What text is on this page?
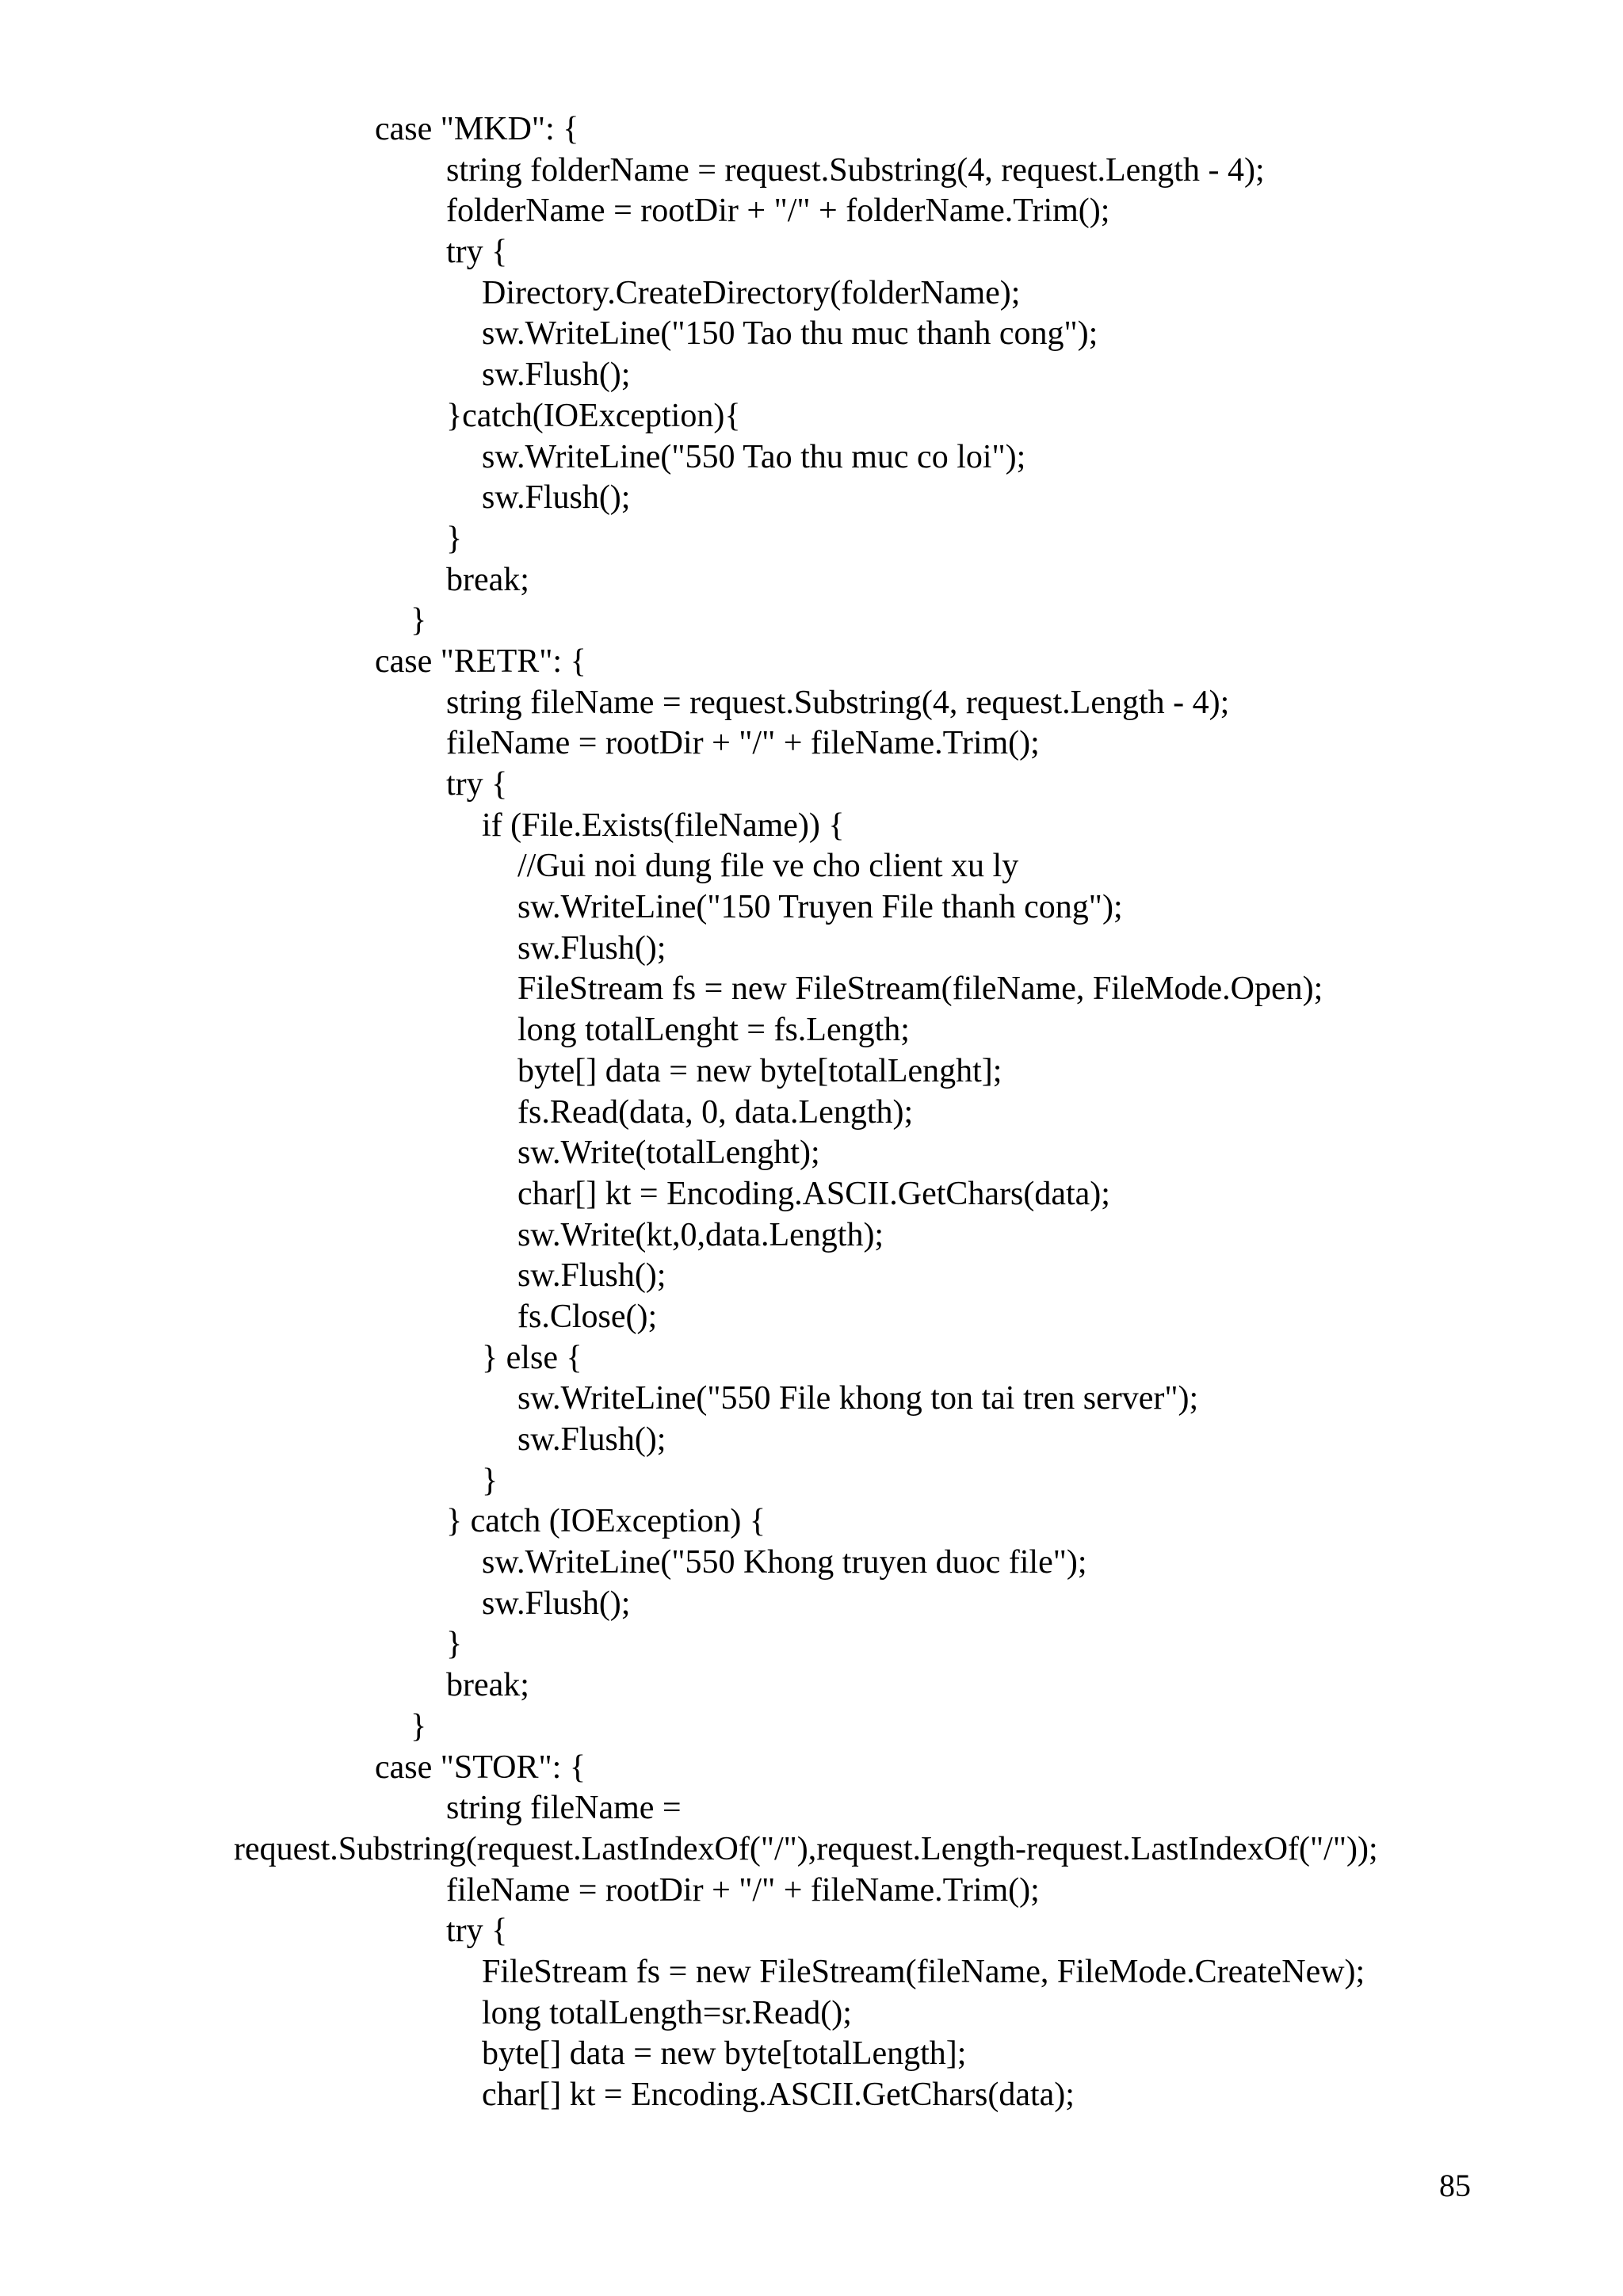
case "MKD": {
string folderName = request.Substring(4, request.Length - 4);
folderName = rootDir + "/" + folderName.Trim();
try {
Directory.CreateDirectory(folderName);
sw.WriteLine("150 Tao thu muc thanh cong");
sw.Flush();
}catch(IOException){
sw.WriteLine("550 Tao thu muc co loi");
sw.Flush();
}
break;
}
case "RETR": {
string fileName = request.Substring(4, request.Length - 4);
fileName = rootDir + "/" + fileName.Trim();
try {
if (File.Exists(fileName)) {
//Gui noi dung file ve cho client xu ly
sw.WriteLine("150 Truyen File thanh cong");
sw.Flush();
FileStream fs = new FileStream(fileName, FileMode.Open);
long totalLenght = fs.Length;
byte[] data = new byte[totalLenght];
fs.Read(data, 0, data.Length);
sw.Write(totalLenght);
char[] kt = Encoding.ASCII.GetChars(data);
sw.Write(kt,0,data.Length);
sw.Flush();
fs.Close();
} else {
sw.WriteLine("550 File khong ton tai tren server");
sw.Flush();
}
} catch (IOException) {
sw.WriteLine("550 Khong truyen duoc file");
sw.Flush();
}
break;
}
case "STOR": {
string fileName =
request.Substring(request.LastIndexOf("/"),request.Length-request.LastIndexOf("/"));
fileName = rootDir + "/" + fileName.Trim();
try {
FileStream fs = new FileStream(fileName, FileMode.CreateNew);
long totalLength=sr.Read();
byte[] data = new byte[totalLength];
char[] kt = Encoding.ASCII.GetChars(data);
85
